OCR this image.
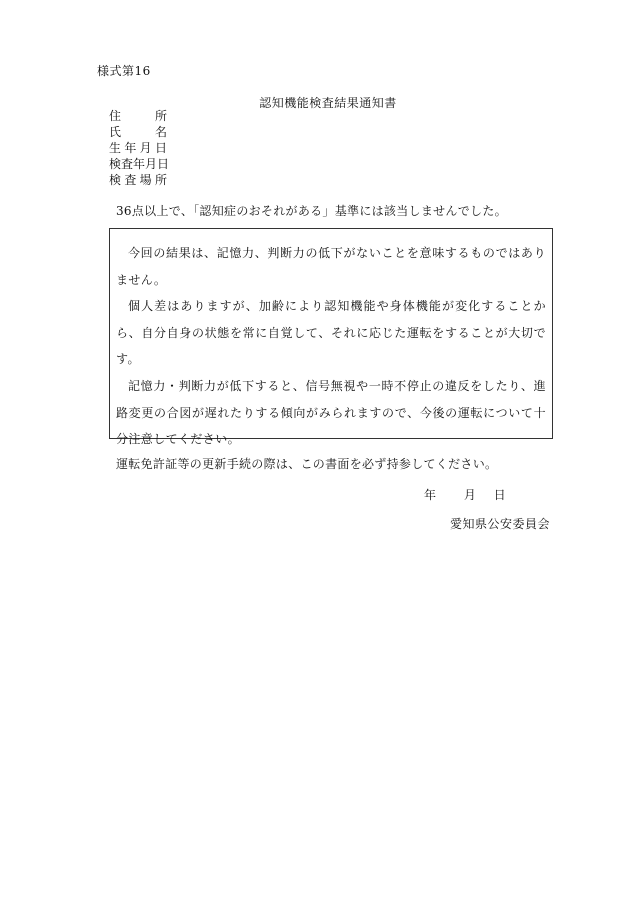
様式第16
認知機能検査結果通知書
住	所
氏	名
生 年 月 日
検査年月日
検 査 場 所
36点以上で、「認知症のおそれがある」基準には該当しませんでした。

今回の結果は、記憶力、判断力の低下がないことを意味するものではありません。

個人差はありますが、加齢により認知機能や身体機能が変化することから、自分自身の状態を常に自覚して、それに応じた運転をすることが大切です。

記憶力・判断力が低下すると、信号無視や一時不停止の違反をしたり、進路変更の合図が遅れたりする傾向がみられますので、今後の運転について十分注意してください。

運転免許証等の更新手続の際は、この書面を必ず持参してください。
年 月 日
愛知県公安委員会
